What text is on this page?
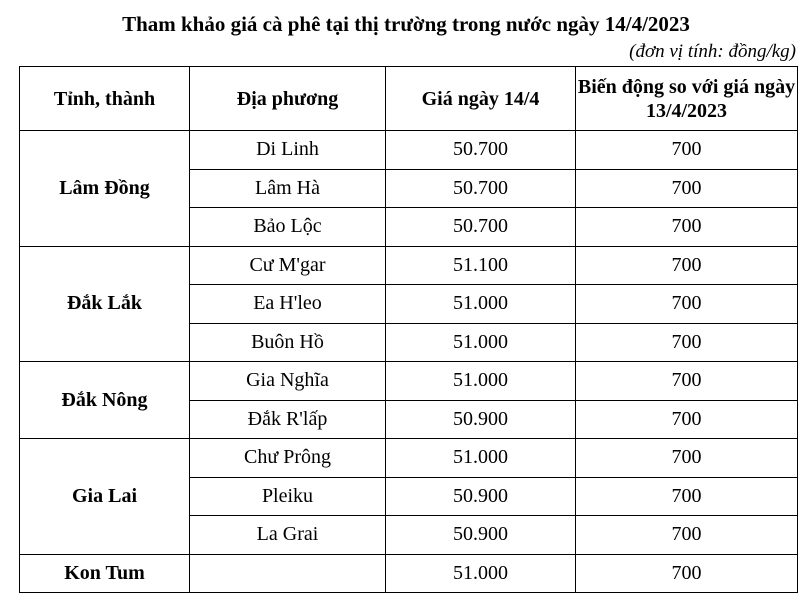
Tham khảo giá cà phê tại thị trường trong nước ngày 14/4/2023
(đơn vị tính: đồng/kg)
Tỉnh, thành	Địa phương	Giá ngày 14/4	Biến động so với giá ngày 13/4/2023
Lâm Đồng	Di Linh	50.700	700
	Lâm Hà	50.700	700
	Bảo Lộc	50.700	700
Đắk Lắk	Cư M'gar	51.100	700
	Ea H'leo	51.000	700
	Buôn Hồ	51.000	700
Đắk Nông	Gia Nghĩa	51.000	700
	Đắk R'lấp	50.900	700
Gia Lai	Chư Prông	51.000	700
	Pleiku	50.900	700
	La Grai	50.900	700
Kon Tum		51.000	700
